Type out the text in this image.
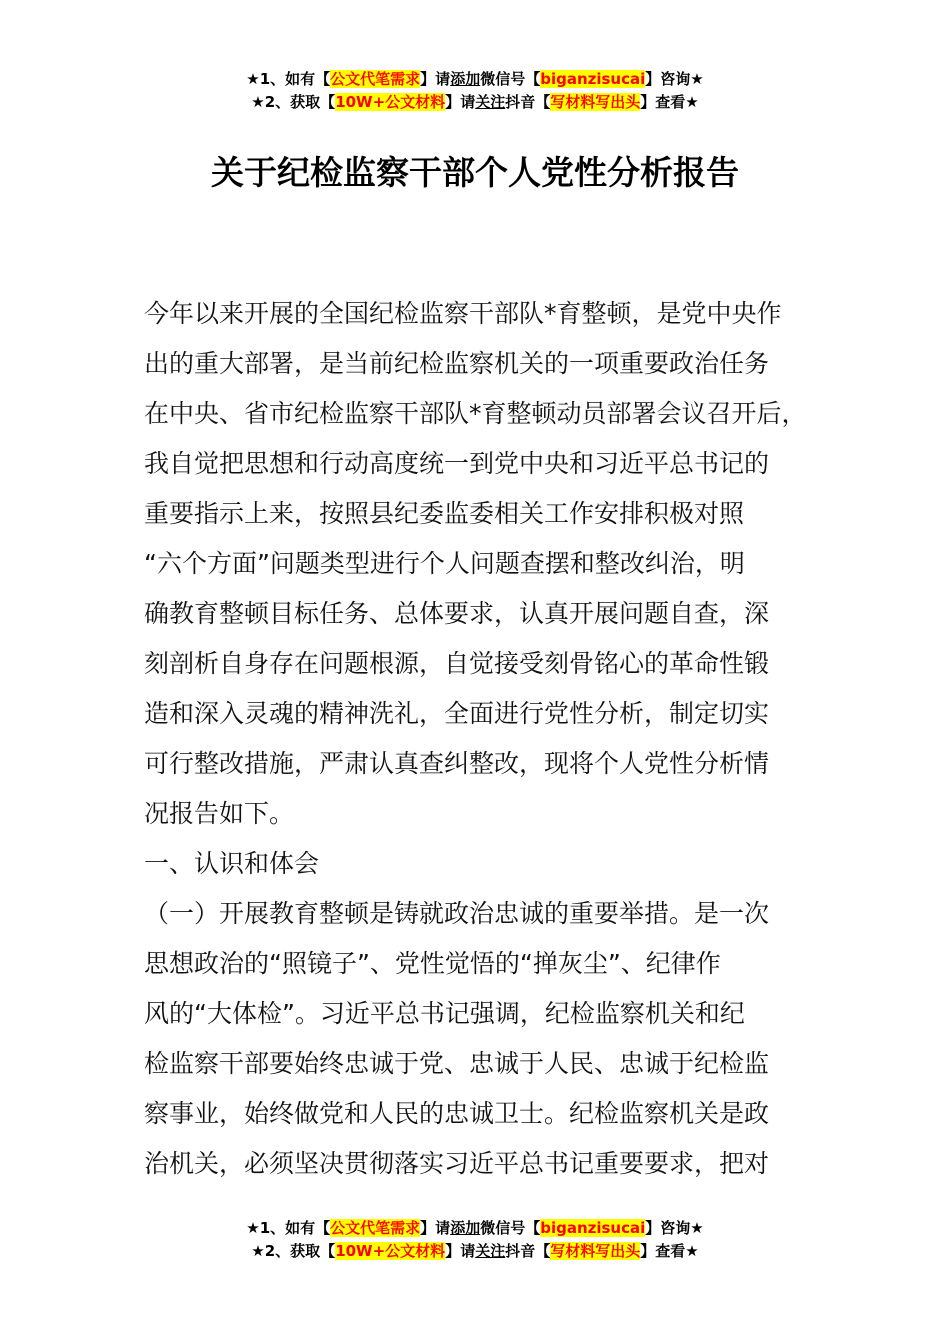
★1、如有【公文代笔需求】请添加微信号【biganzisucai】咨询★
★2、获取【10W+公文材料】请关注抖音【写材料写出头】查看★
关于纪检监察干部个人党性分析报告
今年以来开展的全国纪检监察干部队*育整顿，是党中央作
出的重大部署，是当前纪检监察机关的一项重要政治任务
在中央、省市纪检监察干部队*育整顿动员部署会议召开后，
我自觉把思想和行动高度统一到党中央和习近平总书记的
重要指示上来，按照县纪委监委相关工作安排积极对照
“六个方面”问题类型进行个人问题查摆和整改纠治，明
确教育整顿目标任务、总体要求，认真开展问题自查，深
刻剖析自身存在问题根源，自觉接受刻骨铭心的革命性锻
造和深入灵魂的精神洗礼，全面进行党性分析，制定切实
可行整改措施，严肃认真查纠整改，现将个人党性分析情
况报告如下。
一、认识和体会
（一）开展教育整顿是铸就政治忠诚的重要举措。是一次
思想政治的“照镜子”、党性觉悟的“掸灰尘”、纪律作
风的“大体检”。习近平总书记强调，纪检监察机关和纪
检监察干部要始终忠诚于党、忠诚于人民、忠诚于纪检监
察事业，始终做党和人民的忠诚卫士。纪检监察机关是政
治机关，必须坚决贯彻落实习近平总书记重要要求，把对
★1、如有【公文代笔需求】请添加微信号【biganzisucai】咨询★
★2、获取【10W+公文材料】请关注抖音【写材料写出头】查看★
